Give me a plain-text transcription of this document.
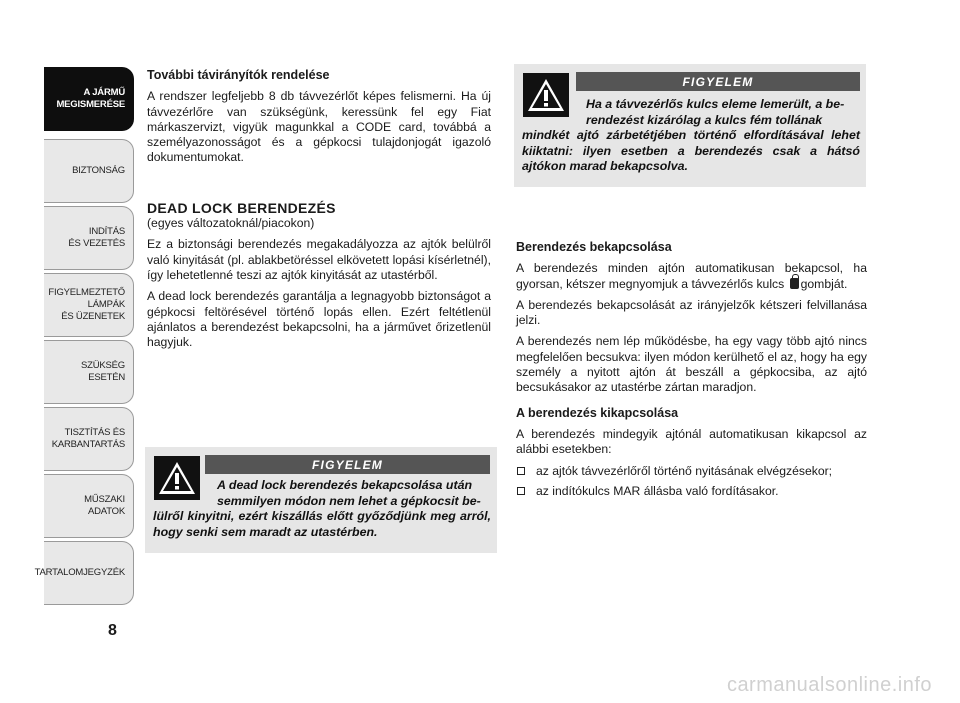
A JÁRMŰ
MEGISMERÉSE
BIZTONSÁG
INDÍTÁS
ÉS VEZETÉS
FIGYELMEZTETŐ
LÁMPÁK
ÉS ÜZENETEK
SZÜKSÉG
ESETÉN
TISZTÍTÁS ÉS
KARBANTARTÁS
MŰSZAKI
ADATOK
TARTALOMJEGYZÉK
8
További távirányítók rendelése

A rendszer legfeljebb 8 db távvezérlőt képes felismerni. Ha új távvezérlőre van szükségünk, keressünk fel egy Fiat márkaszervizt, vigyük magunkkal a CODE card, továbbá a személyazonosságot és a gépkocsi tulajdonjogát igazoló dokumentumokat.

DEAD LOCK BERENDEZÉS
(egyes változatoknál/piacokon)

Ez a biztonsági berendezés megakadályozza az ajtók belülről való kinyitását (pl. ablakbetöréssel elkövetett lopási kísérletnél), így lehetetlenné teszi az ajtók kinyitását az utastérből.

A dead lock berendezés garantálja a legnagyobb biztonságot a gépkocsi feltörésével történő lopás ellen. Ezért feltétlenül ajánlatos a berendezést bekapcsolni, ha a járművet őrizetlenül hagyjuk.

FIGYELEM
A dead lock berendezés bekapcsolása után
semmilyen módon nem lehet a gépkocsit be-
lülről kinyitni, ezért kiszállás előtt győződjünk meg arról, hogy senki sem maradt az utastérben.
FIGYELEM
Ha a távvezérlős kulcs eleme lemerült, a be-
rendezést kizárólag a kulcs fém tollának
mindkét ajtó zárbetétjében történő elfordításával lehet kiiktatni: ilyen esetben a berendezés csak a hátsó ajtókon marad bekapcsolva.
Berendezés bekapcsolása

A berendezés minden ajtón automatikusan bekapcsol, ha gyorsan, kétszer megnyomjuk a távvezérlős kulcs gombját.

A berendezés bekapcsolását az irányjelzők kétszeri felvillanása jelzi.

A berendezés nem lép működésbe, ha egy vagy több ajtó nincs megfelelően becsukva: ilyen módon kerülhető el az, hogy ha egy személy a nyitott ajtón át beszáll a gépkocsiba, az ajtó becsukásakor az utastérbe zártan maradjon.

A berendezés kikapcsolása

A berendezés mindegyik ajtónál automatikusan kikapcsol az alábbi esetekben:

az ajtók távvezérlőről történő nyitásának elvégzésekor;
az indítókulcs MAR állásba való fordításakor.
carmanualsonline.info
